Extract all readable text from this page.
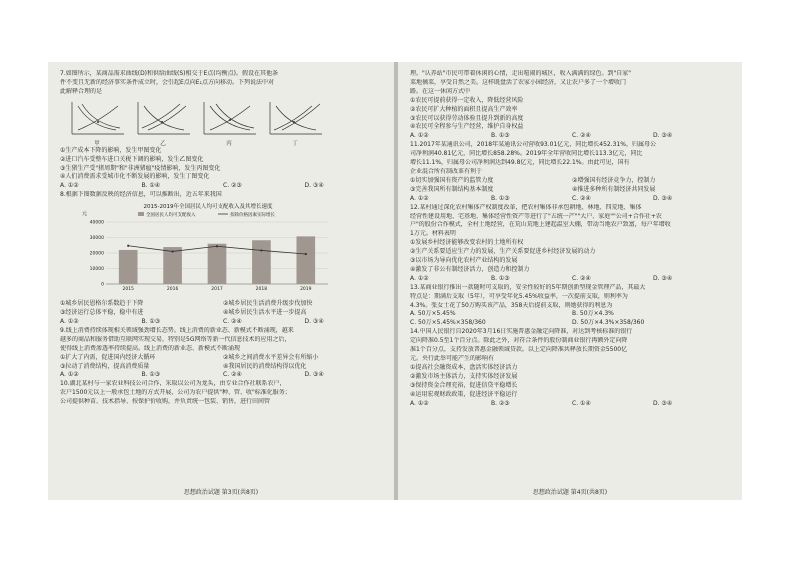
7.如图所示，某商品需求曲线(D)和供给曲线(S)相交于E点(均衡点)。假设在其他条
件不变且无新的经济事实条件成立时，会引起E点向E₁点方向移动。下列说法中对
此解释合理的是
甲	乙	丙	丁
①生产成本下降的影响，发生甲图变化
②进口汽车受整车进口关税下调的影响，发生乙图变化
③生猪生产受"猪周期"和"非洲猪瘟"疫情影响，发生丙图变化
④人们消费需求受城市化不断发展的影响，发生丁图变化
A. ①②	B. ①④	C. ②③	D. ③④
8.根据下图数据反映的经济信息，可以推断出，近五年来我国
2015-2019年全国居民人均可支配收入及其增长速度
元
40000
30000
20000
10000
0
2015	2016	2017	2018	2019
全国居民人均可支配收入	扣除价格因素实际增长
①城乡居民恩格尔系数趋于下降	②城乡居民生活消费升级步伐加快
③经济运行总体平稳，稳中有进	④城乡居民生活水平进一步提高
A. ①②	B. ①③	C. ②④	D. ③④
9.线上消费持续体现相关领域强劲增长态势。线上消费的新业态、新模式不断涌现，越来
越多的商品和服务借助互联网实现交易，特别是5G网络等新一代信息技术的应用之后，
使得线上消费渗透率持续提高。线上消费的新业态、新模式不断涌现
①扩大了内需，促进国内经济大循环	②城乡之间消费水平差异会有所缩小
③拉动了消费结构，提高消费质量	④我国居民的消费结构得以优化
A. ①②	B. ①③	C. ②④	D. ③④
10.湖北某村与一家农业科技公司合作，采取以公司为龙头，由专业合作社联系农户，
农户1500元以上一般承包土地的方式开展，公司为农户提供"种、管、收"标准化服务；
公司提供种苗、技术指导、按保护价收购，并负责统一包装、销售，进行田间管
思想政治试题 第3页(共8页)
理。"认养站"市民可带着休闲的心情，走出喧闹的城区，收入满满的绿色。到"自家"
菜地摘菜，享受自然之美。这样既盘活了农家小园经济，又让农户多了一个增收门
路。在这一休闲方式中
①农民可提前获得一定收入，降低经营风险
②农民可扩大种植的面积且提高生产效率
③农民可以获得劳动体验且提升到新的高度
④农民可全程参与生产经营，维护自身权益
A. ①②	B. ①③	C. ②④	D. ③④
11.2017年某通讯公司，2018年某通讯公司营收93.01亿元，同比增长452.31%，归属母公
司净利润40.81亿元，同比增长858.28%。2019年全年营收同比增长113.3亿元，同比
增长11.1%，归属母公司净利润达到49.8亿元，同比增长22.1%。由此可见，国有
企业混合所有制改革有利于
①切实加强国有资产的监管力度	②增强国有经济竞争力，控制力
③完善我国所有制结构基本制度	④推进多种所有制经济共同发展
A. ①②	B. ①③	C. ②④	D. ③④
12.某村通过深化农村集体产权制度改革，把农村集体非承包耕地、林地、四荒地、集体
经营性建设用地、宅基地、集体经营性资产等进行了"五统一产""大户、家庭""公司+合作社+农
户"的股份合作模式，全村土地经营，在荒山荒地上建起温室大棚，带动当地农户致富，每户年增收
1万元。材料表明
①发展乡村经济能够改变农村的土地所有权
②生产关系要适应生产力的发展，生产关系要促进乡村经济发展的动力
③以市场为导向优化农村产业结构的发展
④激发了非公有制经济活力，创造力和控制力
A. ①②	B. ①③	C. ②④	D. ③④
13.某商业银行推出一款随时可支取的，安全性较好的5年期创新型现金管理产品，其最大
特点是：期满后支取（5年），可享受年化5.45%收益率，一次提前支取，则利率为
4.3%。张女士花了50万购买该产品，358天后提前支取，则她获得的利息为
A. 50万×5.45%	B. 50万×4.3%
C. 50万×5.45%×358/360	D. 50万×4.3%×358/360
14.中国人民银行自2020年3月16日实施普惠金融定向降准，对达到考核标准的银行
定向降准0.5至1个百分点。除此之外，对符合条件的股份制商业银行再额外定向降
准1个百分点，支持发放普惠金融领域贷款。以上定向降准共释放长期资金5500亿
元。央行此举可能产生的影响有
①提高社会融资成本，盘活实体经济活力
②激发市场主体活力，支持实体经济发展
③保持资金合理充裕，促进信贷平稳增长
④运用宏观财政政策，促进经济平稳运行
A. ①②	B. ②③	C. ①④	D. ③④
思想政治试题 第4页(共8页)
